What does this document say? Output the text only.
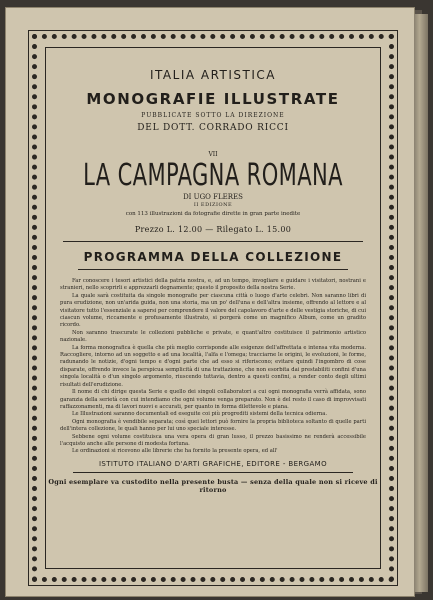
ITALIA ARTISTICA
MONOGRAFIE ILLUSTRATE
PUBBLICATE SOTTO LA DIREZIONE
DEL DOTT. CORRADO RICCI
VII
LA CAMPAGNA ROMANA
DI UGO FLERES
II EDIZIONE
con 113 illustrazioni da fotografie dirette in gran parte inedite
Prezzo L. 12.00 — Rilegato L. 15.00
PROGRAMMA DELLA COLLEZIONE

Far conoscere i tesori artistici della patria nostra, e, ad un tempo, invogliare e guidare i visitatori, nostrani e stranieri, nello scoprirli e apprezzarli degnamente; questo il proposito della nostra Serie.

La quale sarà costituita da singole monografie per ciascuna città o luogo d'arte celebri. Non saranno libri di pura erudizione, non un'arida guida, non una storia, ma un po' dell'una e dell'altra insieme, offrendo al lettore e al visitatore tutto l'essenziale a sapersi per comprendere il valore del capolavoro d'arte e delle vestigia storiche, di cui ciascun volume, riccamente e profusamente illustrato, si porgerà come un magnifico Album, come un gradito ricordo.

Non saranno trascurate le collezioni pubbliche e private, e quant'altro costituisce il patrimonio artistico nazionale.

La forma monografica è quella che più meglio corrisponde alle esigenze dell'affrettata e intensa vita moderna. Raccogliere, intorno ad un soggetto e ad una località, l'alfa e l'omega; tracciarne le origini, le evoluzioni, le forme, radunando le notizie, d'ogni tempo e d'ogni parte che ad esso si riferiscono; evitare quindi l'ingombro di cose disparate, offrendo invece la perspicua semplicità di una trattazione, che non esorbita dai prestabiliti confini d'una singola località o d'un singolo argomento, riuscendo tuttavia, dentro a questi confini, a render conto degli ultimi risultati dell'erudizione.

Il nome di chi dirige questa Serie e quello dei singoli collaboratori a cui ogni monografia verrà affidata, sono garanzia della serietà con cui intendiamo che ogni volume venga preparato. Non è del resto il caso di improvvisati raffazzonamenti, ma di lavori nuovi e accurati, per quanto in forma dilettevole e piana.

Le Illustrazioni saranno documentali ed eseguite coi più progrediti sistemi della tecnica odierna.

Ogni monografia è vendibile separata; così quei lettori può fornire la propria biblioteca soltanto di quelle parti dell'intera collezione, le quali hanno per lui uno speciale interesse.

Sebbene ogni volume costituisca una vera opera di gran lusso, il prezzo basissimo ne renderà accessibile l'acquisto anche alle persone di modesta fortuna.

Le ordinazioni si ricevono alle librerie che ha fornito la presente opera, ed all'

ISTITUTO ITALIANO D'ARTI GRAFICHE, EDITORE - BERGAMO
Ogni esemplare va custodito nella presente busta — senza della quale non si riceve di ritorno
